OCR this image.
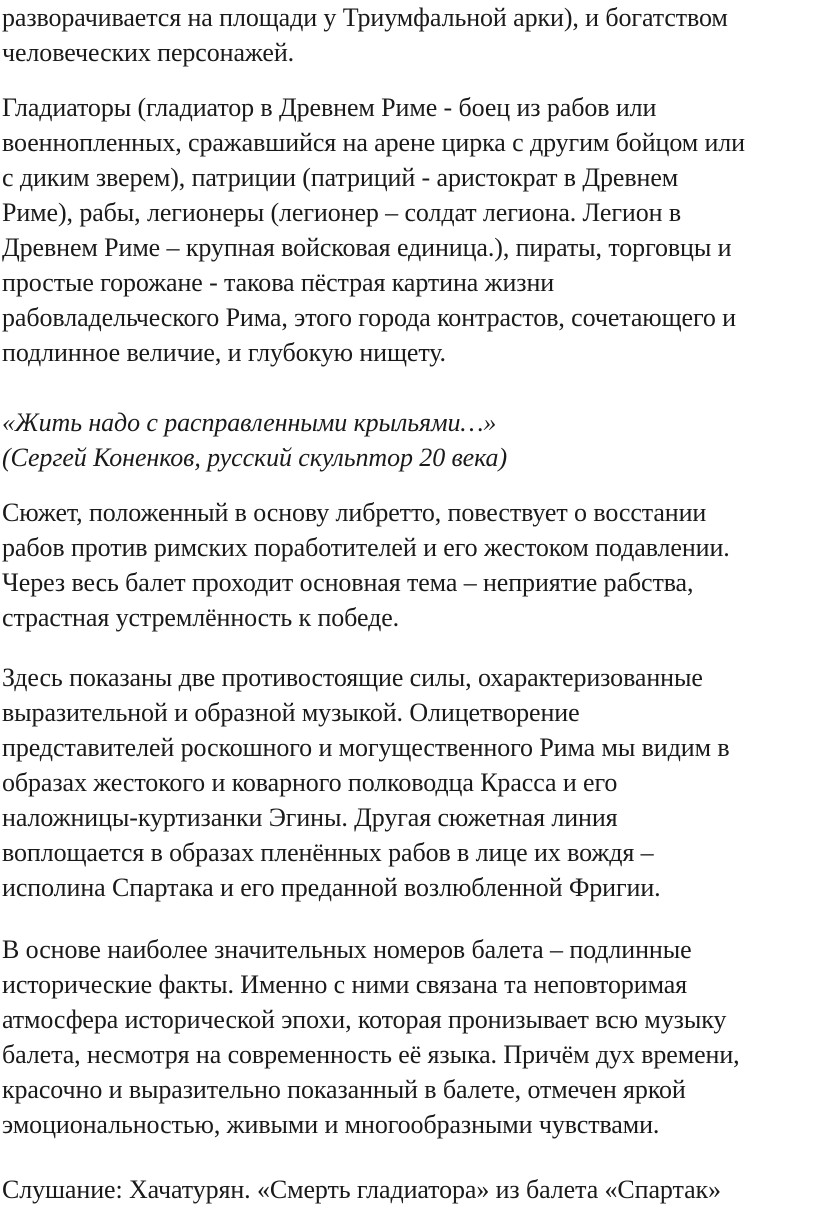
разворачивается на площади у Триумфальной арки), и богатством
человеческих персонажей.

Гладиаторы (гладиатор в Древнем Риме - боец из рабов или
военнопленных, сражавшийся на арене цирка с другим бойцом или
с диким зверем), патриции (патриций - аристократ в Древнем
Риме), рабы, легионеры (легионер – солдат легиона. Легион в
Древнем Риме – крупная войсковая единица.), пираты, торговцы и
простые горожане - такова пёстрая картина жизни
рабовладельческого Рима, этого города контрастов, сочетающего и
подлинное величие, и глубокую нищету.

«Жить надо с расправленными крыльями…»
(Сергей Коненков, русский скульптор 20 века)

Сюжет, положенный в основу либретто, повествует о восстании
рабов против римских поработителей и его жестоком подавлении.
Через весь балет проходит основная тема – неприятие рабства,
страстная устремлённость к победе.

Здесь показаны две противостоящие силы, охарактеризованные
выразительной и образной музыкой. Олицетворение
представителей роскошного и могущественного Рима мы видим в
образах жестокого и коварного полководца Красса и его
наложницы-куртизанки Эгины. Другая сюжетная линия
воплощается в образах пленённых рабов в лице их вождя –
исполина Спартака и его преданной возлюбленной Фригии.

В основе наиболее значительных номеров балета – подлинные
исторические факты. Именно с ними связана та неповторимая
атмосфера исторической эпохи, которая пронизывает всю музыку
балета, несмотря на современность её языка. Причём дух времени,
красочно и выразительно показанный в балете, отмечен яркой
эмоциональностью, живыми и многообразными чувствами.

Слушание: Хачатурян. «Смерть гладиатора» из балета «Спартак»
